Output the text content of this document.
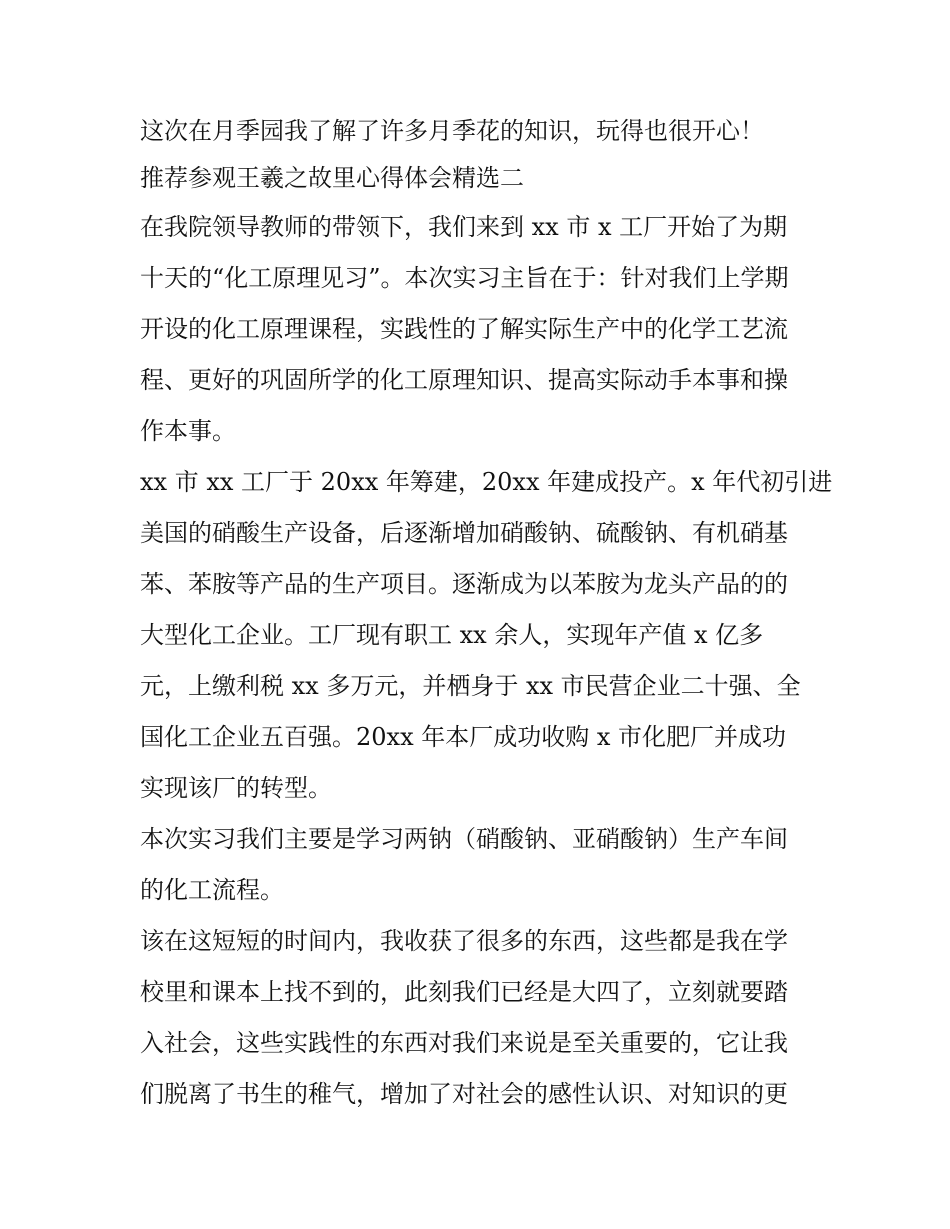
这次在月季园我了解了许多月季花的知识，玩得也很开心！
推荐参观王羲之故里心得体会精选二
在我院领导教师的带领下，我们来到 xx 市 x 工厂开始了为期
十天的“化工原理见习”。本次实习主旨在于：针对我们上学期
开设的化工原理课程，实践性的了解实际生产中的化学工艺流
程、更好的巩固所学的化工原理知识、提高实际动手本事和操
作本事。
xx 市 xx 工厂于 20xx 年筹建，20xx 年建成投产。x 年代初引进
美国的硝酸生产设备，后逐渐增加硝酸钠、硫酸钠、有机硝基
苯、苯胺等产品的生产项目。逐渐成为以苯胺为龙头产品的的
大型化工企业。工厂现有职工 xx 余人，实现年产值 x 亿多
元，上缴利税 xx 多万元，并栖身于 xx 市民营企业二十强、全
国化工企业五百强。20xx 年本厂成功收购 x 市化肥厂并成功
实现该厂的转型。
本次实习我们主要是学习两钠（硝酸钠、亚硝酸钠）生产车间
的化工流程。
该在这短短的时间内，我收获了很多的东西，这些都是我在学
校里和课本上找不到的，此刻我们已经是大四了，立刻就要踏
入社会，这些实践性的东西对我们来说是至关重要的，它让我
们脱离了书生的稚气，增加了对社会的感性认识、对知识的更
